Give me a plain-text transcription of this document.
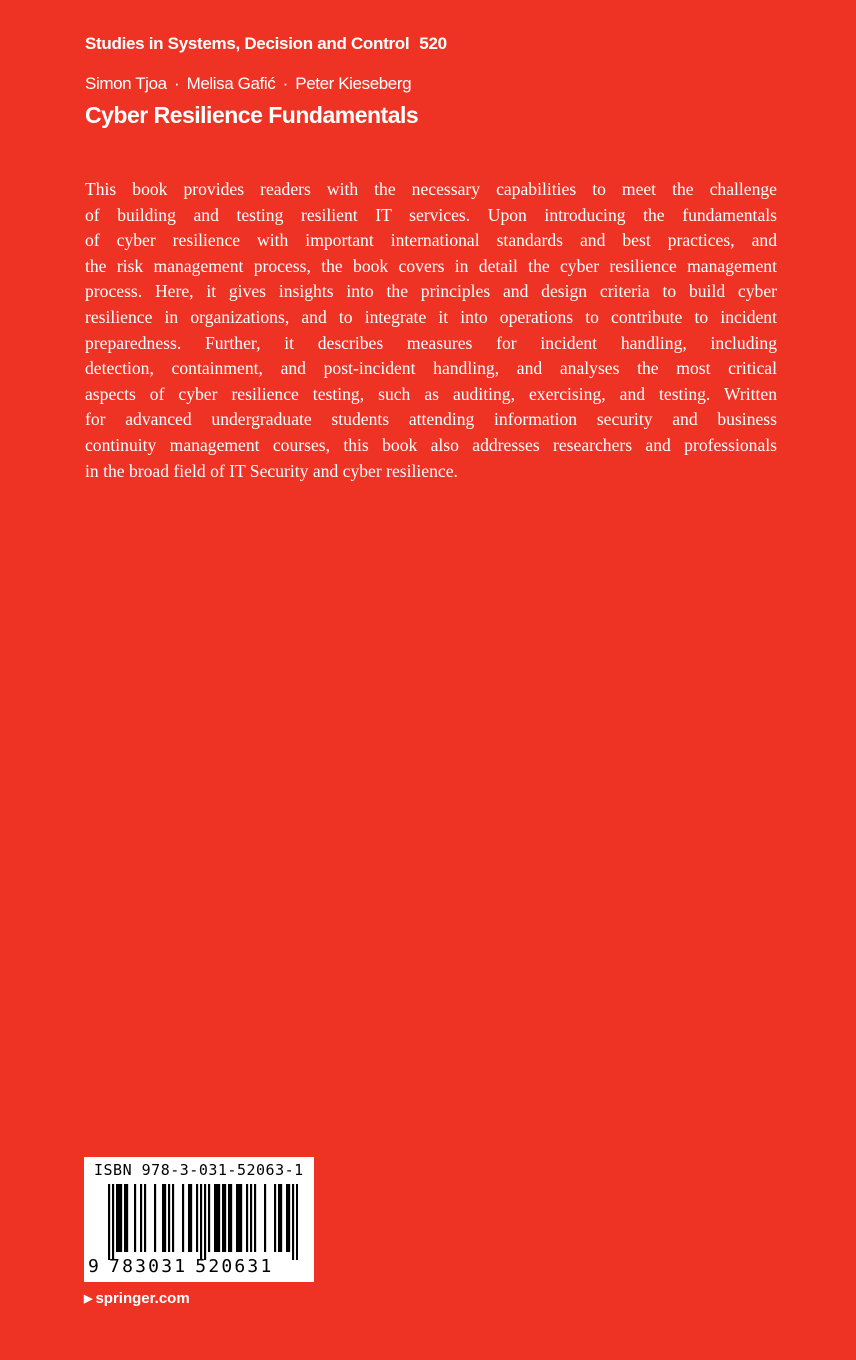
Studies in Systems, Decision and Control 520
Simon Tjoa · Melisa Gafić · Peter Kieseberg
Cyber Resilience Fundamentals
This book provides readers with the necessary capabilities to meet the challenge
of building and testing resilient IT services. Upon introducing the fundamentals
of cyber resilience with important international standards and best practices, and
the risk management process, the book covers in detail the cyber resilience management
process. Here, it gives insights into the principles and design criteria to build cyber
resilience in organizations, and to integrate it into operations to contribute to incident
preparedness. Further, it describes measures for incident handling, including
detection, containment, and post-incident handling, and analyses the most critical
aspects of cyber resilience testing, such as auditing, exercising, and testing. Written
for advanced undergraduate students attending information security and business
continuity management courses, this book also addresses researchers and professionals
in the broad field of IT Security and cyber resilience.
ISBN 978-3-031-52063-1
9 783031 520631
▶ springer.com
